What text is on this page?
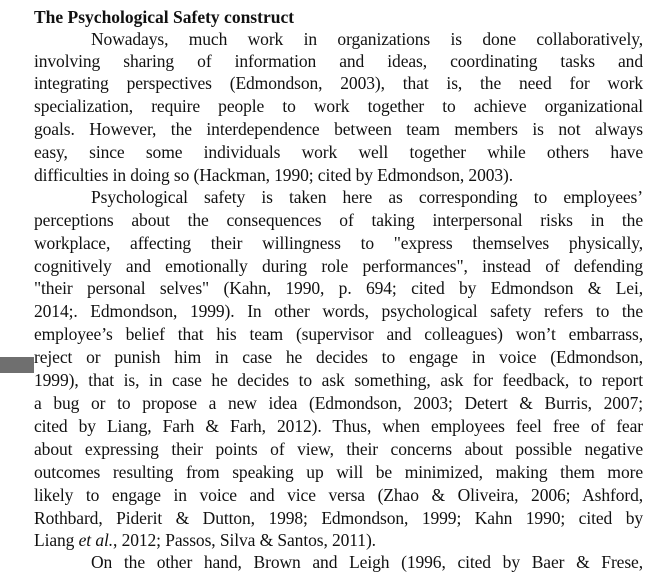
The Psychological Safety construct
Nowadays, much work in organizations is done collaboratively,
involving sharing of information and ideas, coordinating tasks and
integrating perspectives (Edmondson, 2003), that is, the need for work
specialization, require people to work together to achieve organizational
goals. However, the interdependence between team members is not always
easy, since some individuals work well together while others have
difficulties in doing so (Hackman, 1990; cited by Edmondson, 2003).
Psychological safety is taken here as corresponding to employees’
perceptions about the consequences of taking interpersonal risks in the
workplace, affecting their willingness to "express themselves physically,
cognitively and emotionally during role performances", instead of defending
"their personal selves" (Kahn, 1990, p. 694; cited by Edmondson & Lei,
2014;. Edmondson, 1999). In other words, psychological safety refers to the
employee’s belief that his team (supervisor and colleagues) won’t embarrass,
reject or punish him in case he decides to engage in voice (Edmondson,
1999), that is, in case he decides to ask something, ask for feedback, to report
a bug or to propose a new idea (Edmondson, 2003; Detert & Burris, 2007;
cited by Liang, Farh & Farh, 2012). Thus, when employees feel free of fear
about expressing their points of view, their concerns about possible negative
outcomes resulting from speaking up will be minimized, making them more
likely to engage in voice and vice versa (Zhao & Oliveira, 2006; Ashford,
Rothbard, Piderit & Dutton, 1998; Edmondson, 1999; Kahn 1990; cited by
Liang et al., 2012; Passos, Silva & Santos, 2011).
On the other hand, Brown and Leigh (1996, cited by Baer & Frese,
